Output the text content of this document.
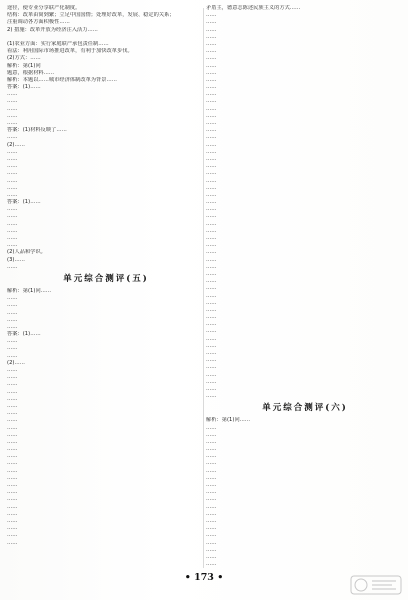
途径，使专业分享联产化制度。
结构：改革由简到繁；立足中国国情；处理好改革，发展、稳定的关系；
注重调动各方面积极性……
2) 措施：改革开放为经济注入活力……
(1)农业方面：实行家庭联产承包责任制……
看法：利用国际市场推进改革，有利于加快改革步伐。
(2)方式：……
解析：第(1)问
题意，根据材料……
解析：本题以……城市经济体制改革为背景……
答案：(1)……
……
……
……
……
……
答案：(1)材料反映了……
……
(2)……
……
……
……
……
……
……
……
答案：(1)……
……
……
……
……
……
……
(2)人品和学识。
(3)……
……
单元综合测评(五)
解析：第(1)问……
……
……
……
……
……
答案：(1)……
……
……
……
(2)……
……
……
……
……
……
……
……
……
……
……
……
……
……
……
……
……
……
……
……
……
……
……
……
……
……
矛盾主，德意志陈述民族主义的方式……
……
……
……
……
……
……
……
……
……
……
……
……
……
……
……
……
……
……
……
……
……
……
……
……
……
……
……
……
……
……
……
……
……
……
……
……
……
……
……
……
……
……
……
……
……
……
……
……
……
……
……
……
……
……
单元综合测评(六)
解析：第(1)问……
……
……
……
……
……
……
……
……
……
……
……
……
……
……
……
……
……
……
……
……
• 173 •
